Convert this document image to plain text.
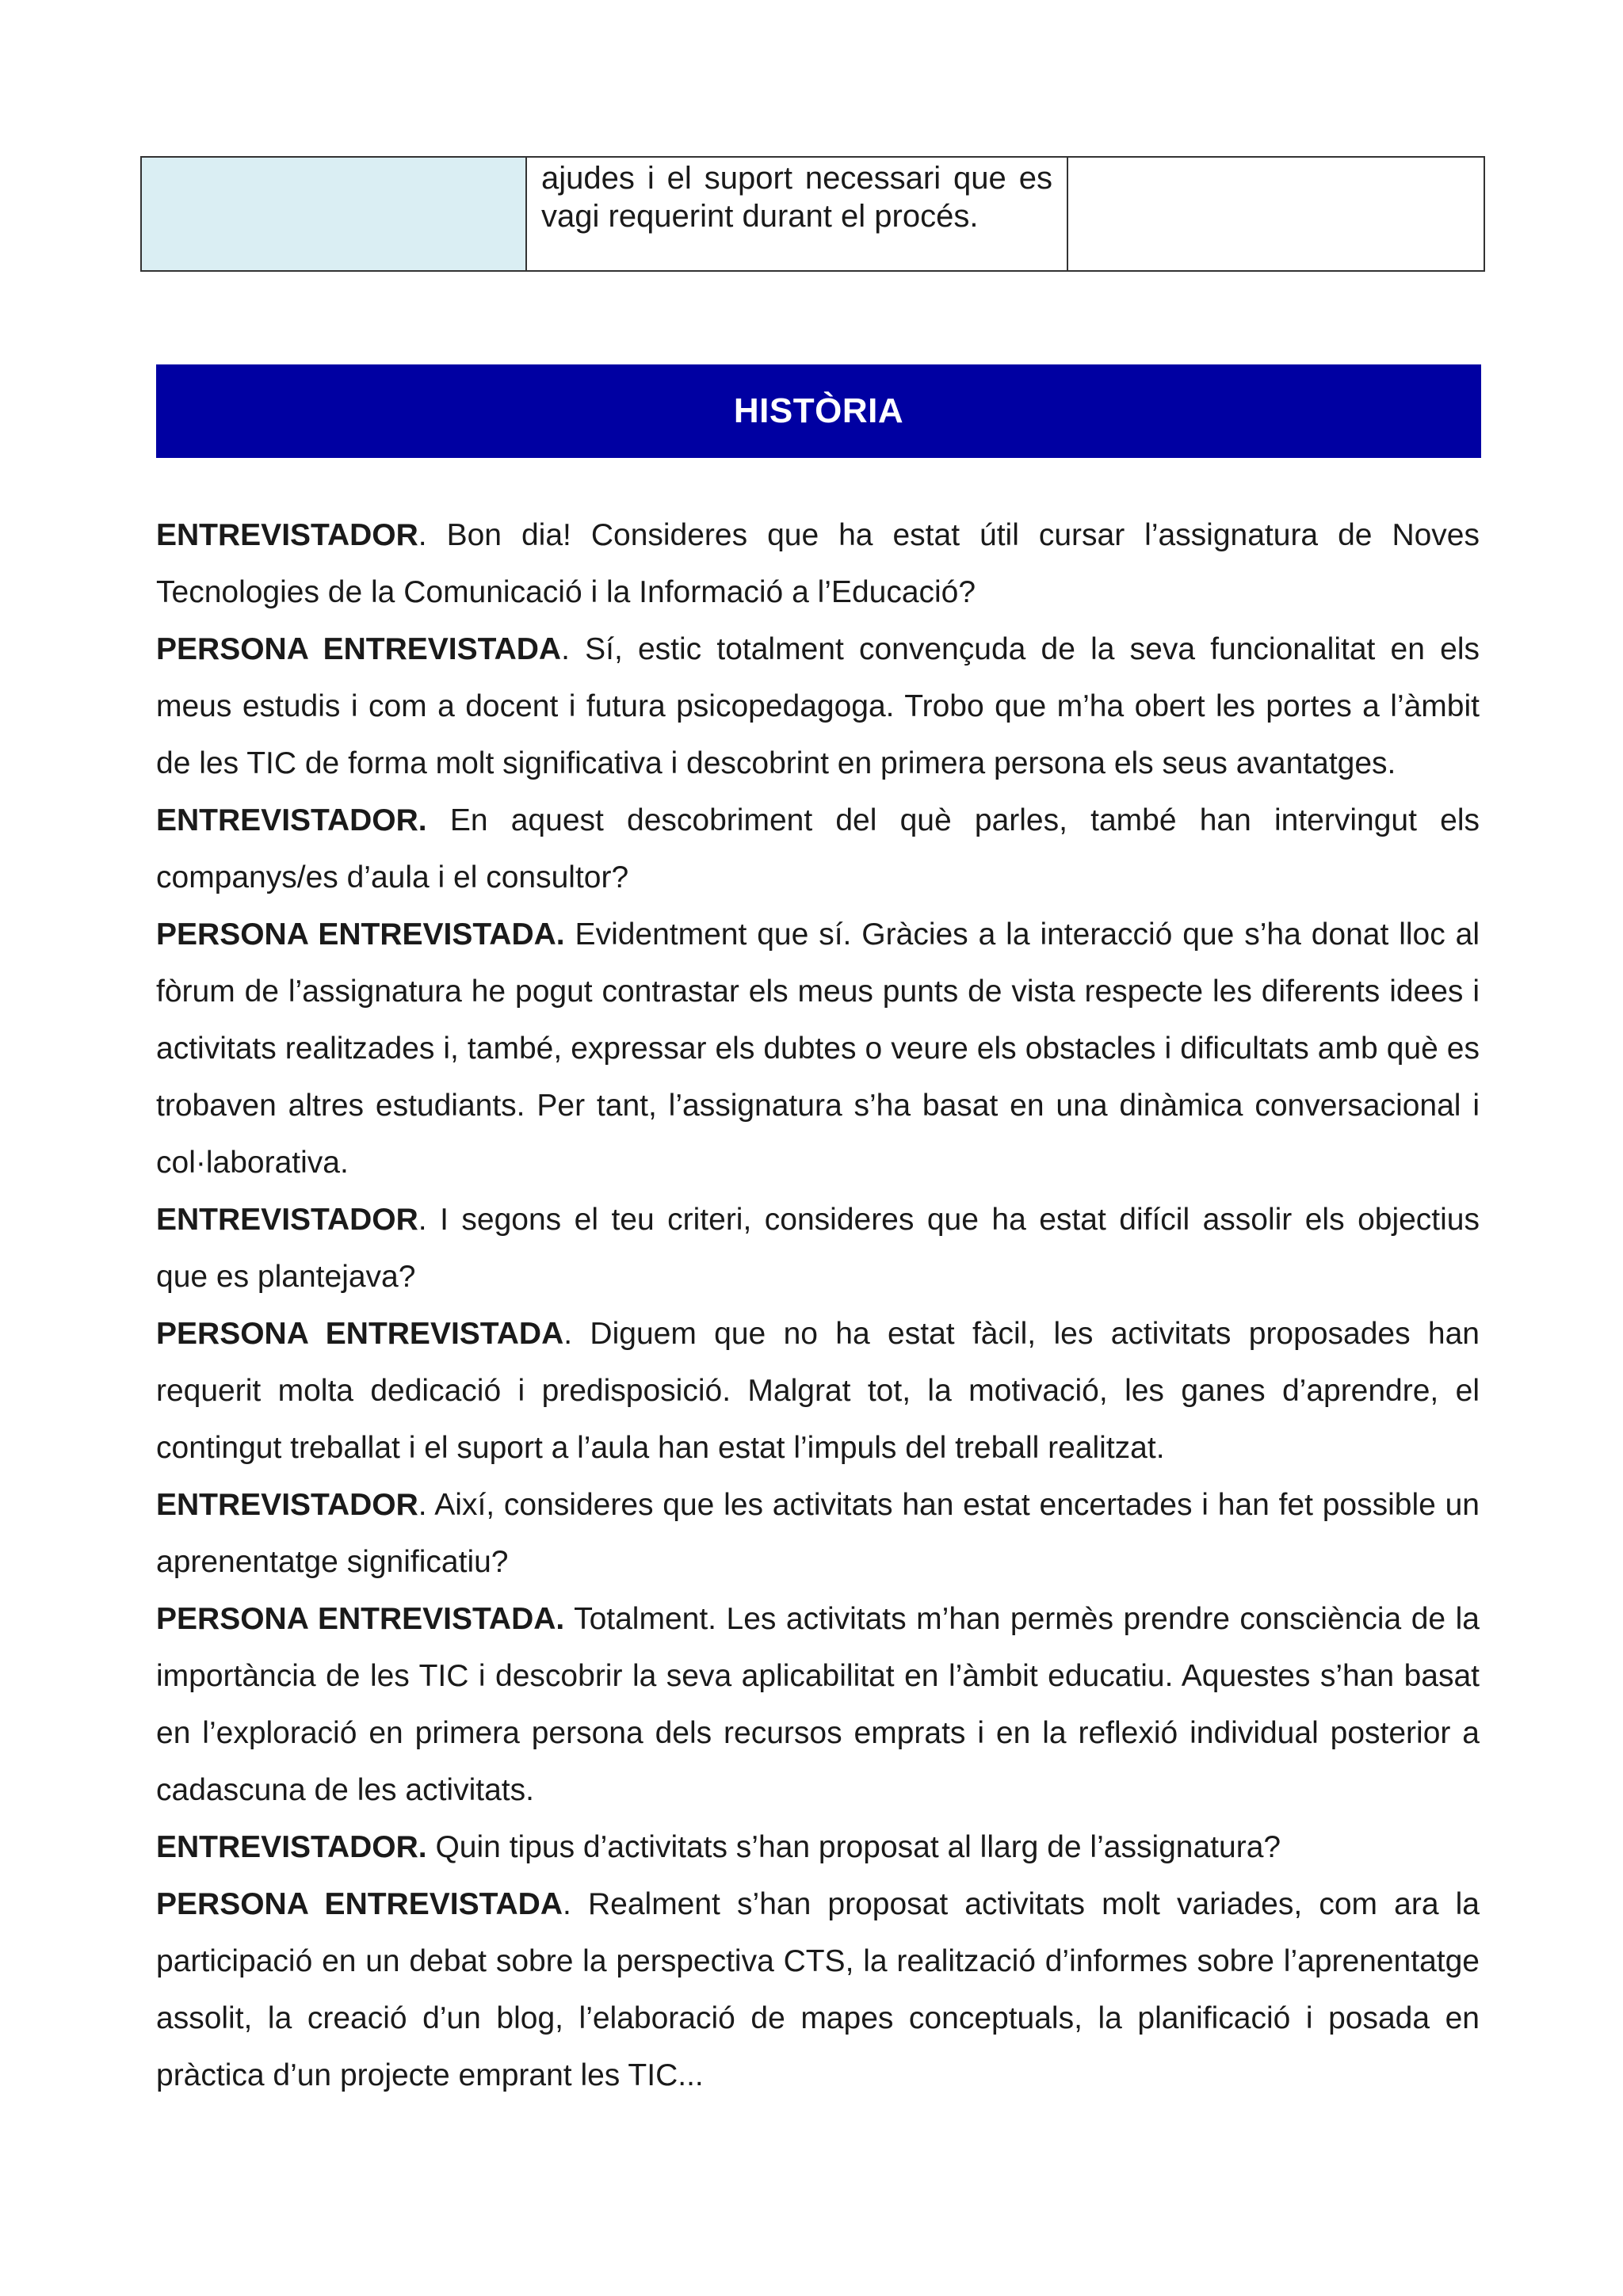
ajudes i el suport necessari que es vagi requerint durant el procés.

HISTÒRIA

ENTREVISTADOR. Bon dia! Consideres que ha estat útil cursar l’assignatura de Noves Tecnologies de la Comunicació i la Informació a l’Educació?

PERSONA ENTREVISTADA. Sí, estic totalment convençuda de la seva funcionalitat en els meus estudis i com a docent i futura psicopedagoga. Trobo que m’ha obert les portes a l’àmbit de les TIC de forma molt significativa i descobrint en primera persona els seus avantatges.

ENTREVISTADOR. En aquest descobriment del què parles, també han intervingut els companys/es d’aula i el consultor?

PERSONA ENTREVISTADA. Evidentment que sí. Gràcies a la interacció que s’ha donat lloc al fòrum de l’assignatura he pogut contrastar els meus punts de vista respecte les diferents idees i activitats realitzades i, també, expressar els dubtes o veure els obstacles i dificultats amb què es trobaven altres estudiants. Per tant, l’assignatura s’ha basat en una dinàmica conversacional i col·laborativa.

ENTREVISTADOR. I segons el teu criteri, consideres que ha estat difícil assolir els objectius que es plantejava?

PERSONA ENTREVISTADA. Diguem que no ha estat fàcil, les activitats proposades han requerit molta dedicació i predisposició. Malgrat tot, la motivació, les ganes d’aprendre, el contingut treballat i el suport a l’aula han estat l’impuls del treball realitzat.

ENTREVISTADOR. Així, consideres que les activitats han estat encertades i han fet possible un aprenentatge significatiu?

PERSONA ENTREVISTADA. Totalment. Les activitats m’han permès prendre consciència de la importància de les TIC i descobrir la seva aplicabilitat en l’àmbit educatiu. Aquestes s’han basat en l’exploració en primera persona dels recursos emprats i en la reflexió individual posterior a cadascuna de les activitats.

ENTREVISTADOR. Quin tipus d’activitats s’han proposat al llarg de l’assignatura?

PERSONA ENTREVISTADA. Realment s’han proposat activitats molt variades, com ara la participació en un debat sobre la perspectiva CTS, la realització d’informes sobre l’aprenentatge assolit, la creació d’un blog, l’elaboració de mapes conceptuals, la planificació i posada en pràctica d’un projecte emprant les TIC...
